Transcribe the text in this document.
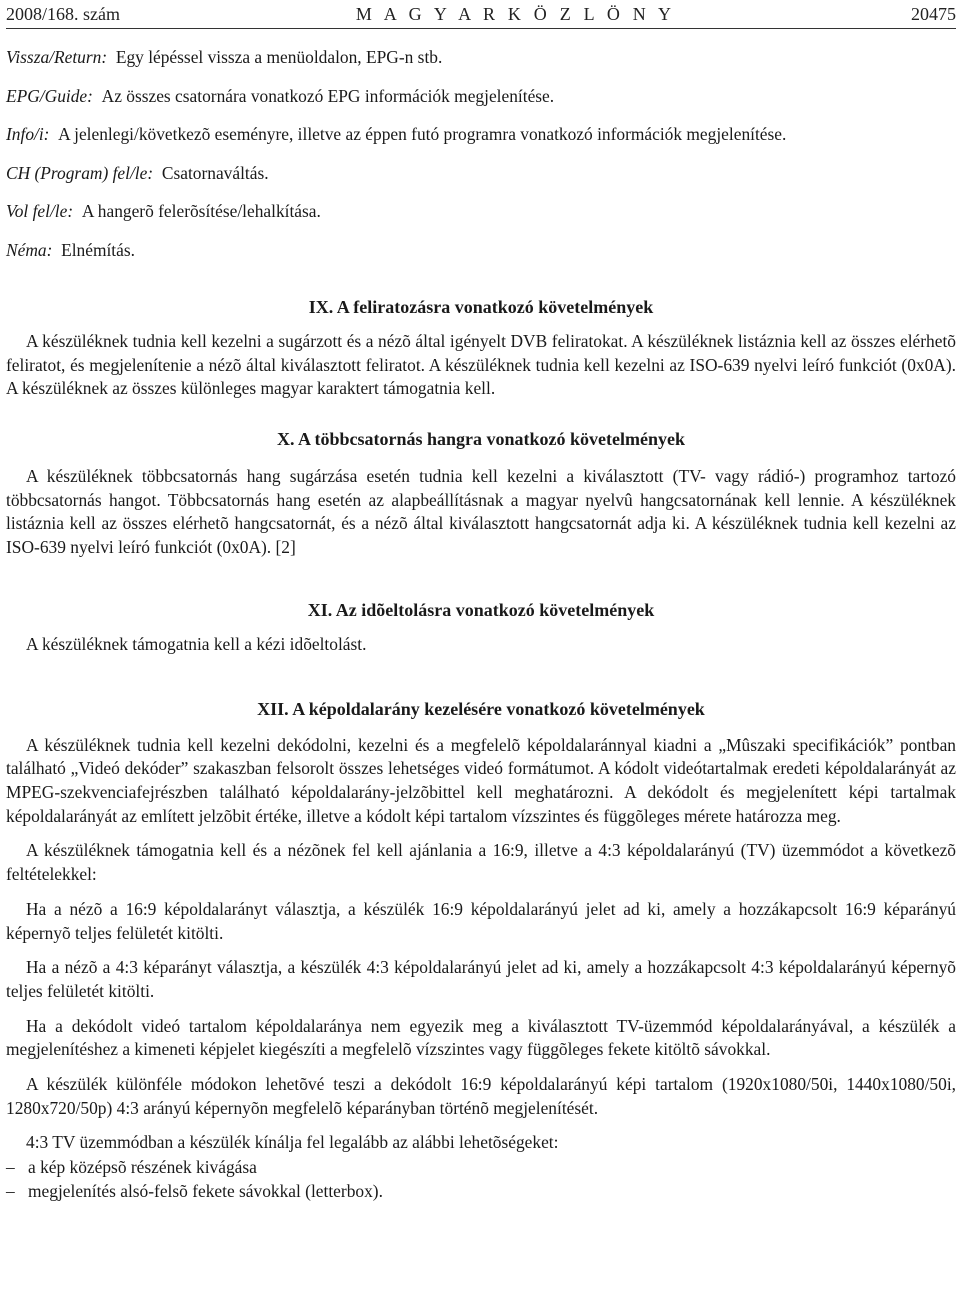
2008/168. szám	M A G Y A R K Ö Z L Ö N Y	20475

Vissza/Return: Egy lépéssel vissza a menüoldalon, EPG-n stb.

EPG/Guide: Az összes csatornára vonatkozó EPG információk megjelenítése.

Info/i: A jelenlegi/következõ eseményre, illetve az éppen futó programra vonatkozó információk megjelenítése.

CH (Program) fel/le: Csatornaváltás.

Vol fel/le: A hangerõ felerõsítése/lehalkítása.

Néma: Elnémítás.

IX. A feliratozásra vonatkozó követelmények

A készüléknek tudnia kell kezelni a sugárzott és a nézõ által igényelt DVB feliratokat. A készüléknek listáznia kell az összes elérhetõ feliratot, és megjelenítenie a nézõ által kiválasztott feliratot. A készüléknek tudnia kell kezelni az ISO-639 nyelvi leíró funkciót (0x0A). A készüléknek az összes különleges magyar karaktert támogatnia kell.

X. A többcsatornás hangra vonatkozó követelmények

A készüléknek többcsatornás hang sugárzása esetén tudnia kell kezelni a kiválasztott (TV- vagy rádió-) programhoz tartozó többcsatornás hangot. Többcsatornás hang esetén az alapbeállításnak a magyar nyelvû hangcsatornának kell lennie. A készüléknek listáznia kell az összes elérhetõ hangcsatornát, és a nézõ által kiválasztott hangcsatornát adja ki. A készüléknek tudnia kell kezelni az ISO-639 nyelvi leíró funkciót (0x0A). [2]

XI. Az idõeltolásra vonatkozó követelmények

A készüléknek támogatnia kell a kézi idõeltolást.

XII. A képoldalarány kezelésére vonatkozó követelmények

A készüléknek tudnia kell kezelni dekódolni, kezelni és a megfelelõ képoldalaránnyal kiadni a „Mûszaki specifikációk” pontban található „Videó dekóder” szakaszban felsorolt összes lehetséges videó formátumot. A kódolt videótartalmak eredeti képoldalarányát az MPEG-szekvenciafejrészben található képoldalarány-jelzõbittel kell meghatározni. A dekódolt és megjelenített képi tartalmak képoldalarányát az említett jelzõbit értéke, illetve a kódolt képi tartalom vízszintes és függõleges mérete határozza meg.

A készüléknek támogatnia kell és a nézõnek fel kell ajánlania a 16:9, illetve a 4:3 képoldalarányú (TV) üzemmódot a következõ feltételekkel:

Ha a nézõ a 16:9 képoldalarányt választja, a készülék 16:9 képoldalarányú jelet ad ki, amely a hozzákapcsolt 16:9 képarányú képernyõ teljes felületét kitölti.

Ha a nézõ a 4:3 képarányt választja, a készülék 4:3 képoldalarányú jelet ad ki, amely a hozzákapcsolt 4:3 képoldalarányú képernyõ teljes felületét kitölti.

Ha a dekódolt videó tartalom képoldalaránya nem egyezik meg a kiválasztott TV-üzemmód képoldalarányával, a készülék a megjelenítéshez a kimeneti képjelet kiegészíti a megfelelõ vízszintes vagy függõleges fekete kitöltõ sávokkal.

A készülék különféle módokon lehetõvé teszi a dekódolt 16:9 képoldalarányú képi tartalom (1920x1080/50i, 1440x1080/50i, 1280x720/50p) 4:3 arányú képernyõn megfelelõ képarányban történõ megjelenítését.

4:3 TV üzemmódban a készülék kínálja fel legalább az alábbi lehetõségeket:

– a kép középsõ részének kivágása
– megjelenítés alsó-felsõ fekete sávokkal (letterbox).
